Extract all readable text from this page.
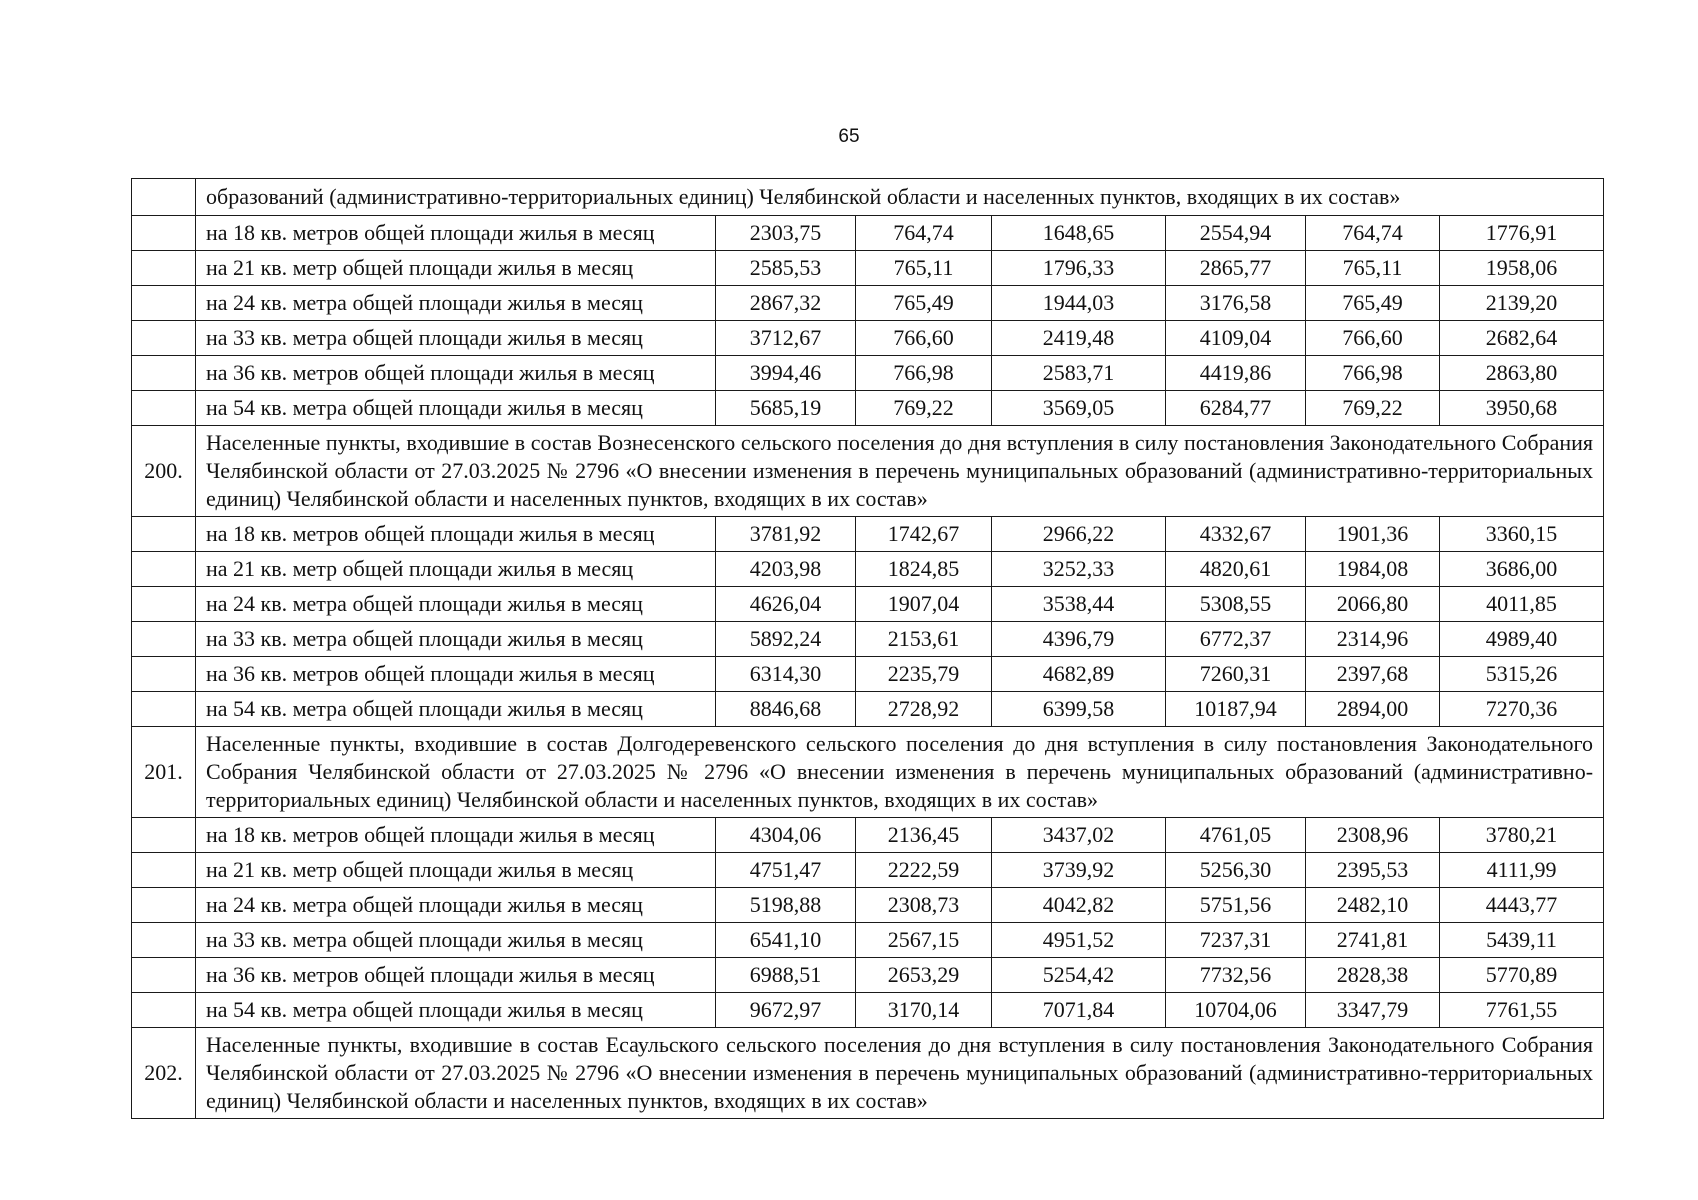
65
	образований (административно-территориальных единиц) Челябинской области и населенных пунктов, входящих в их состав»						
	на 18 кв. метров общей площади жилья в месяц	2303,75	764,74	1648,65	2554,94	764,74	1776,91
	на 21 кв. метр общей площади жилья в месяц	2585,53	765,11	1796,33	2865,77	765,11	1958,06
	на 24 кв. метра общей площади жилья в месяц	2867,32	765,49	1944,03	3176,58	765,49	2139,20
	на 33 кв. метра общей площади жилья в месяц	3712,67	766,60	2419,48	4109,04	766,60	2682,64
	на 36 кв. метров общей площади жилья в месяц	3994,46	766,98	2583,71	4419,86	766,98	2863,80
	на 54 кв. метра общей площади жилья в месяц	5685,19	769,22	3569,05	6284,77	769,22	3950,68
200.	Населенные пункты, входившие в состав Вознесенского сельского поселения до дня вступления в силу постановления Законодательного Собрания Челябинской области от 27.03.2025 № 2796 «О внесении изменения в перечень муниципальных образований (административно-территориальных единиц) Челябинской области и населенных пунктов, входящих в их состав»						
	на 18 кв. метров общей площади жилья в месяц	3781,92	1742,67	2966,22	4332,67	1901,36	3360,15
	на 21 кв. метр общей площади жилья в месяц	4203,98	1824,85	3252,33	4820,61	1984,08	3686,00
	на 24 кв. метра общей площади жилья в месяц	4626,04	1907,04	3538,44	5308,55	2066,80	4011,85
	на 33 кв. метра общей площади жилья в месяц	5892,24	2153,61	4396,79	6772,37	2314,96	4989,40
	на 36 кв. метров общей площади жилья в месяц	6314,30	2235,79	4682,89	7260,31	2397,68	5315,26
	на 54 кв. метра общей площади жилья в месяц	8846,68	2728,92	6399,58	10187,94	2894,00	7270,36
201.	Населенные пункты, входившие в состав Долгодеревенского сельского поселения до дня вступления в силу постановления Законодательного Собрания Челябинской области от 27.03.2025 № 2796 «О внесении изменения в перечень муниципальных образований (административно-территориальных единиц) Челябинской области и населенных пунктов, входящих в их состав»						
	на 18 кв. метров общей площади жилья в месяц	4304,06	2136,45	3437,02	4761,05	2308,96	3780,21
	на 21 кв. метр общей площади жилья в месяц	4751,47	2222,59	3739,92	5256,30	2395,53	4111,99
	на 24 кв. метра общей площади жилья в месяц	5198,88	2308,73	4042,82	5751,56	2482,10	4443,77
	на 33 кв. метра общей площади жилья в месяц	6541,10	2567,15	4951,52	7237,31	2741,81	5439,11
	на 36 кв. метров общей площади жилья в месяц	6988,51	2653,29	5254,42	7732,56	2828,38	5770,89
	на 54 кв. метра общей площади жилья в месяц	9672,97	3170,14	7071,84	10704,06	3347,79	7761,55
202.	Населенные пункты, входившие в состав Есаульского сельского поселения до дня вступления в силу постановления Законодательного Собрания Челябинской области от 27.03.2025 № 2796 «О внесении изменения в перечень муниципальных образований (административно-территориальных единиц) Челябинской области и населенных пунктов, входящих в их состав»						
